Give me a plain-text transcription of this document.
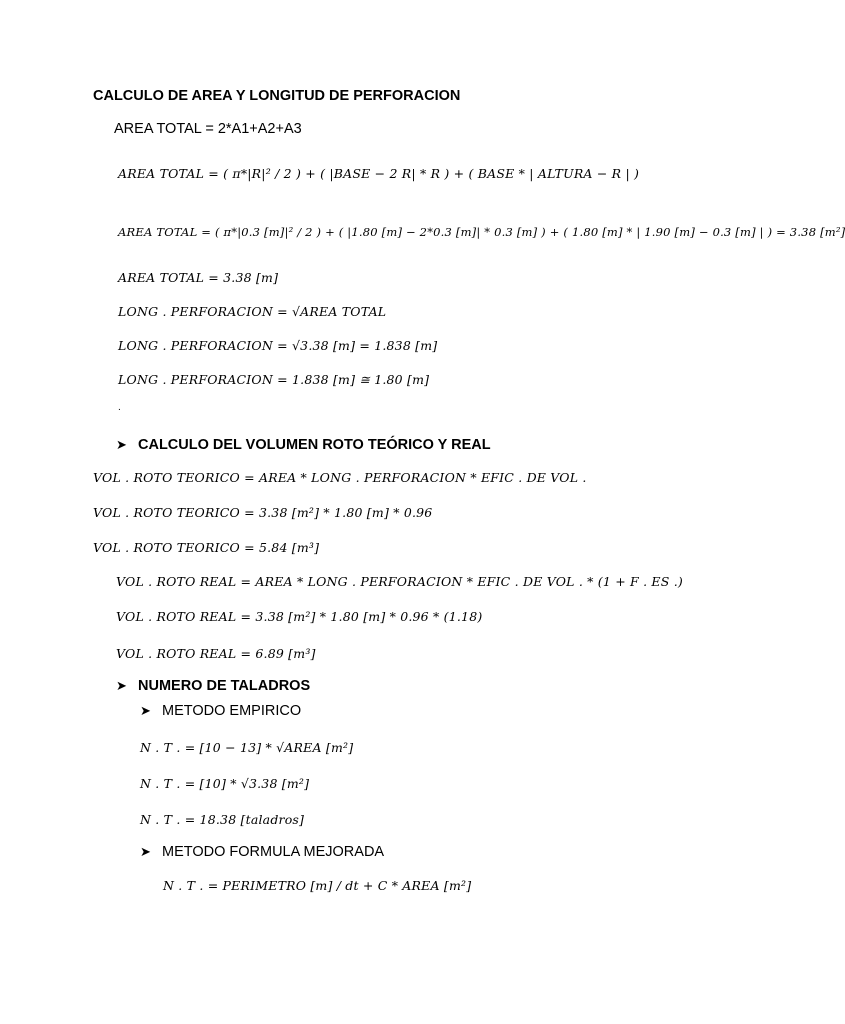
CALCULO DE AREA Y LONGITUD DE PERFORACION
AREA TOTAL = 2*A1+A2+A3
AREA TOTAL = ( π*|R|² / 2 ) + ( |BASE − 2 R| * R ) + ( BASE * | ALTURA − R | )
AREA TOTAL = ( π*|0.3 [m]|² / 2 ) + ( |1.80 [m] − 2*0.3 [m]| * 0.3 [m] ) + ( 1.80 [m] * | 1.90 [m] − 0.3 [m] | ) = 3.38 [m²]
AREA TOTAL = 3.38 [m]
LONG . PERFORACION = √AREA TOTAL
LONG . PERFORACION = √3.38 [m] = 1.838 [m]
LONG . PERFORACION = 1.838 [m] ≅ 1.80 [m]
.
➤ CALCULO DEL VOLUMEN ROTO TEÓRICO Y REAL
VOL . ROTO TEORICO = AREA * LONG . PERFORACION * EFIC . DE VOL .
VOL . ROTO TEORICO = 3.38 [m²] * 1.80 [m] * 0.96
VOL . ROTO TEORICO = 5.84 [m³]
VOL . ROTO REAL = AREA * LONG . PERFORACION * EFIC . DE VOL . * (1 + F . ES .)
VOL . ROTO REAL = 3.38 [m²] * 1.80 [m] * 0.96 * (1.18)
VOL . ROTO REAL = 6.89 [m³]
➤ NUMERO DE TALADROS
➤ METODO EMPIRICO
N . T . = [10 − 13] * √AREA [m²]
N . T . = [10] * √3.38 [m²]
N . T . = 18.38 [taladros]
➤ METODO FORMULA MEJORADA
N . T . = PERIMETRO [m] / dt + C * AREA [m²]
